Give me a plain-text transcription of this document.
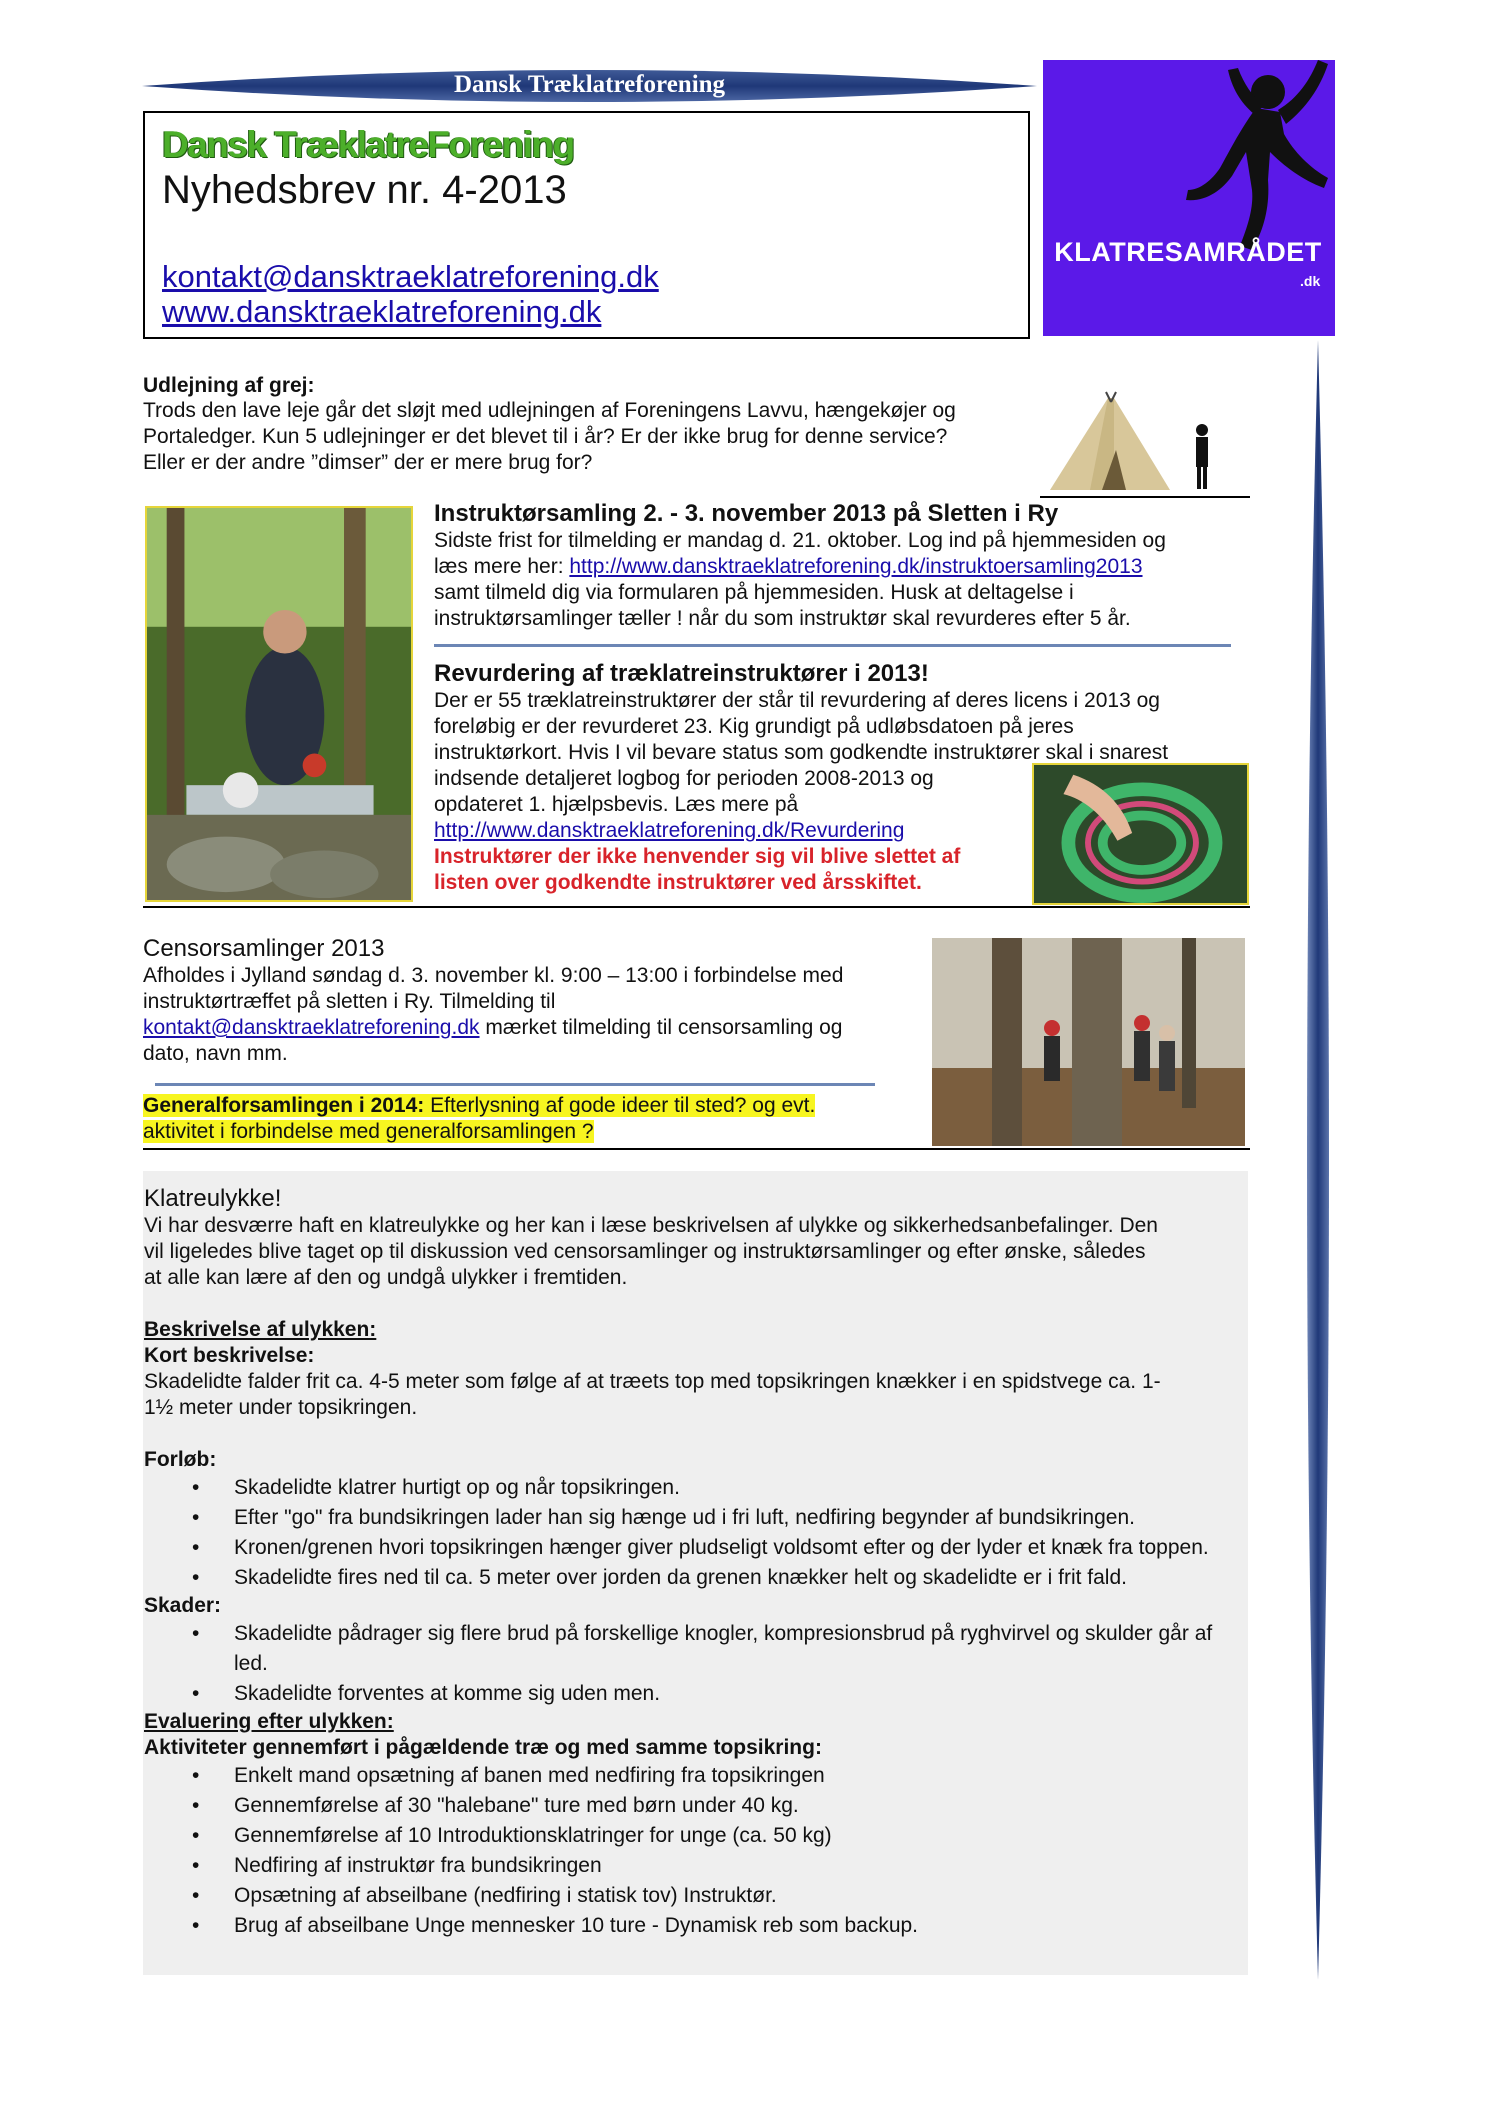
Dansk Træklatreforening
Dansk TræklatreForening
Nyhedsbrev nr. 4-2013
kontakt@dansktraeklatreforening.dk
www.dansktraeklatreforening.dk
KLATRESAMRÅDET
.dk
Udlejning af grej:
Trods den lave leje går det sløjt med udlejningen af Foreningens Lavvu, hængekøjer og
Portaledger. Kun 5 udlejninger er det blevet til i år? Er der ikke brug for denne service?
Eller er der andre ”dimser” der er mere brug for?
Instruktørsamling 2. - 3. november 2013 på Sletten i Ry
Sidste frist for tilmelding er mandag d. 21. oktober. Log ind på hjemmesiden og
læs mere her: http://www.dansktraeklatreforening.dk/instruktoersamling2013
samt tilmeld dig via formularen på hjemmesiden. Husk at deltagelse i
instruktørsamlinger tæller ! når du som instruktør skal revurderes efter 5 år.
Revurdering af træklatreinstruktører i 2013!
Der er 55 træklatreinstruktører der står til revurdering af deres licens i 2013 og
foreløbig er der revurderet 23. Kig grundigt på udløbsdatoen på jeres
instruktørkort. Hvis I vil bevare status som godkendte instruktører skal i snarest
indsende detaljeret logbog for perioden 2008-2013 og
opdateret 1. hjælpsbevis. Læs mere på
http://www.dansktraeklatreforening.dk/Revurdering
Instruktører der ikke henvender sig vil blive slettet af
listen over godkendte instruktører ved årsskiftet.
Censorsamlinger 2013
Afholdes i Jylland søndag d. 3. november kl. 9:00 – 13:00 i forbindelse med
instruktørtræffet på sletten i Ry. Tilmelding til
kontakt@dansktraeklatreforening.dk mærket tilmelding til censorsamling og
dato, navn mm.
Generalforsamlingen i 2014: Efterlysning af gode ideer til sted? og evt.
aktivitet i forbindelse med generalforsamlingen ?
Klatreulykke!
Vi har desværre haft en klatreulykke og her kan i læse beskrivelsen af ulykke og sikkerhedsanbefalinger. Den
vil ligeledes blive taget op til diskussion ved censorsamlinger og instruktørsamlinger og efter ønske, således
at alle kan lære af den og undgå ulykker i fremtiden.
Beskrivelse af ulykken:
Kort beskrivelse:
Skadelidte falder frit ca. 4-5 meter som følge af at træets top med topsikringen knækker i en spidstvege ca. 1-
1½ meter under topsikringen.
Forløb:
• Skadelidte klatrer hurtigt op og når topsikringen.
• Efter "go" fra bundsikringen lader han sig hænge ud i fri luft, nedfiring begynder af bundsikringen.
• Kronen/grenen hvori topsikringen hænger giver pludseligt voldsomt efter og der lyder et knæk fra toppen.
• Skadelidte fires ned til ca. 5 meter over jorden da grenen knækker helt og skadelidte er i frit fald.
Skader:
• Skadelidte pådrager sig flere brud på forskellige knogler, kompresionsbrud på ryghvirvel og skulder går af led.
• Skadelidte forventes at komme sig uden men.
Evaluering efter ulykken:
Aktiviteter gennemført i pågældende træ og med samme topsikring:
• Enkelt mand opsætning af banen med nedfiring fra topsikringen
• Gennemførelse af 30 "halebane" ture med børn under 40 kg.
• Gennemførelse af 10 Introduktionsklatringer for unge (ca. 50 kg)
• Nedfiring af instruktør fra bundsikringen
• Opsætning af abseilbane (nedfiring i statisk tov) Instruktør.
• Brug af abseilbane Unge mennesker 10 ture - Dynamisk reb som backup.
